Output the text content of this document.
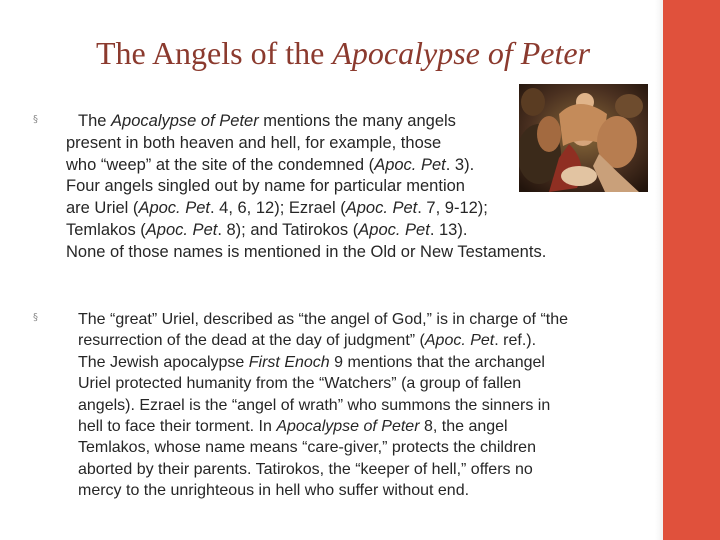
The Angels of the Apocalypse of Peter
§
§
The Apocalypse of Peter mentions the many angels
present in both heaven and hell, for example, those
who “weep” at the site of the condemned (Apoc. Pet. 3).
Four angels singled out by name for particular mention
are Uriel (Apoc. Pet. 4, 6, 12); Ezrael (Apoc. Pet. 7, 9-12);
Temlakos (Apoc. Pet. 8); and Tatirokos (Apoc. Pet. 13).
None of those names is mentioned in the Old or New Testaments.
The “great” Uriel, described as “the angel of God,” is in charge of “the
resurrection of the dead at the day of judgment” (Apoc. Pet. ref.).
The Jewish apocalypse First Enoch 9 mentions that the archangel
Uriel protected humanity from the “Watchers” (a group of fallen
angels). Ezrael is the “angel of wrath” who summons the sinners in
hell to face their torment. In Apocalypse of Peter 8, the angel
Temlakos, whose name means “care-giver,” protects the children
aborted by their parents. Tatirokos, the “keeper of hell,” offers no
mercy to the unrighteous in hell who suffer without end.
